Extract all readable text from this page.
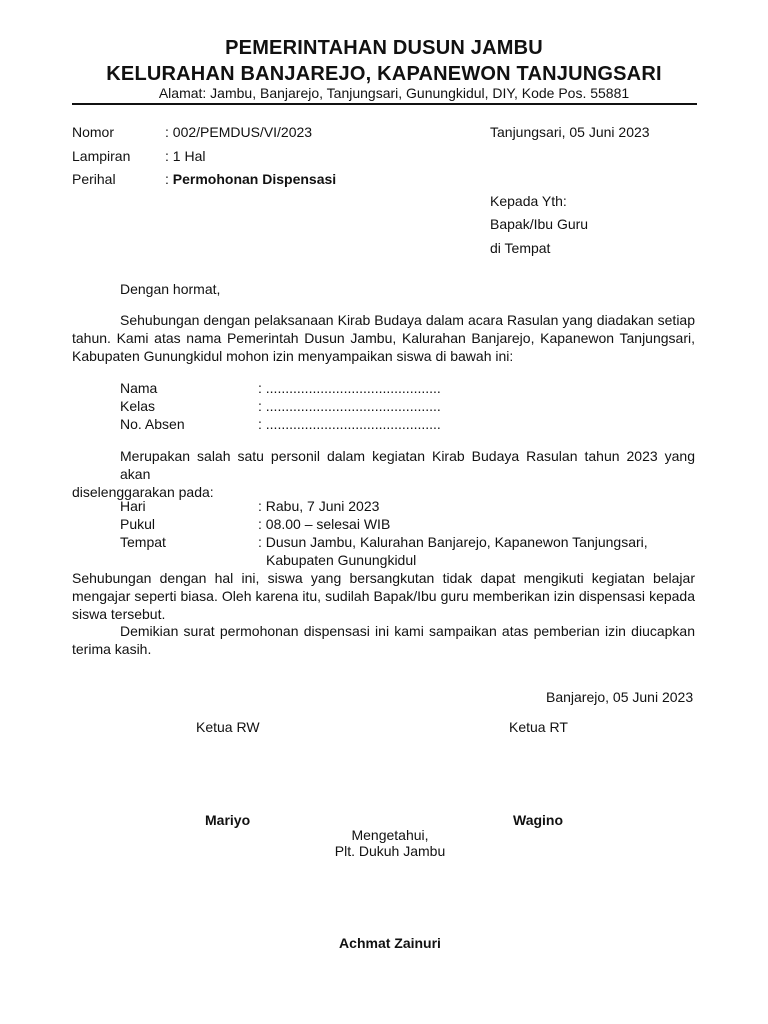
PEMERINTAHAN DUSUN JAMBU
KELURAHAN BANJAREJO, KAPANEWON TANJUNGSARI
Alamat: Jambu, Banjarejo, Tanjungsari, Gunungkidul, DIY, Kode Pos. 55881
Nomor	: 002/PEMDUS/VI/2023	Tanjungsari, 05 Juni 2023
Lampiran : 1 Hal
Perihal	: Permohonan Dispensasi
Kepada Yth:
Bapak/Ibu Guru
di Tempat
Dengan hormat,
Sehubungan dengan pelaksanaan Kirab Budaya dalam acara Rasulan yang diadakan setiap
tahun. Kami atas nama Pemerintah Dusun Jambu, Kalurahan Banjarejo, Kapanewon Tanjungsari,
Kabupaten Gunungkidul mohon izin menyampaikan siswa di bawah ini:
Nama	: .............................................
Kelas	: .............................................
No. Absen	: .............................................
Merupakan salah satu personil dalam kegiatan Kirab Budaya Rasulan tahun 2023 yang akan
diselenggarakan pada:
Hari	: Rabu, 7 Juni 2023
Pukul	: 08.00 – selesai WIB
Tempat	: Dusun Jambu, Kalurahan Banjarejo, Kapanewon Tanjungsari,
Kabupaten Gunungkidul
Sehubungan dengan hal ini, siswa yang bersangkutan tidak dapat mengikuti kegiatan belajar
mengajar seperti biasa. Oleh karena itu, sudilah Bapak/Ibu guru memberikan izin dispensasi kepada
siswa tersebut.
Demikian surat permohonan dispensasi ini kami sampaikan atas pemberian izin diucapkan
terima kasih.
Banjarejo, 05 Juni 2023
Ketua RW	Ketua RT
Mariyo	Wagino
Mengetahui,
Plt. Dukuh Jambu
Achmat Zainuri
